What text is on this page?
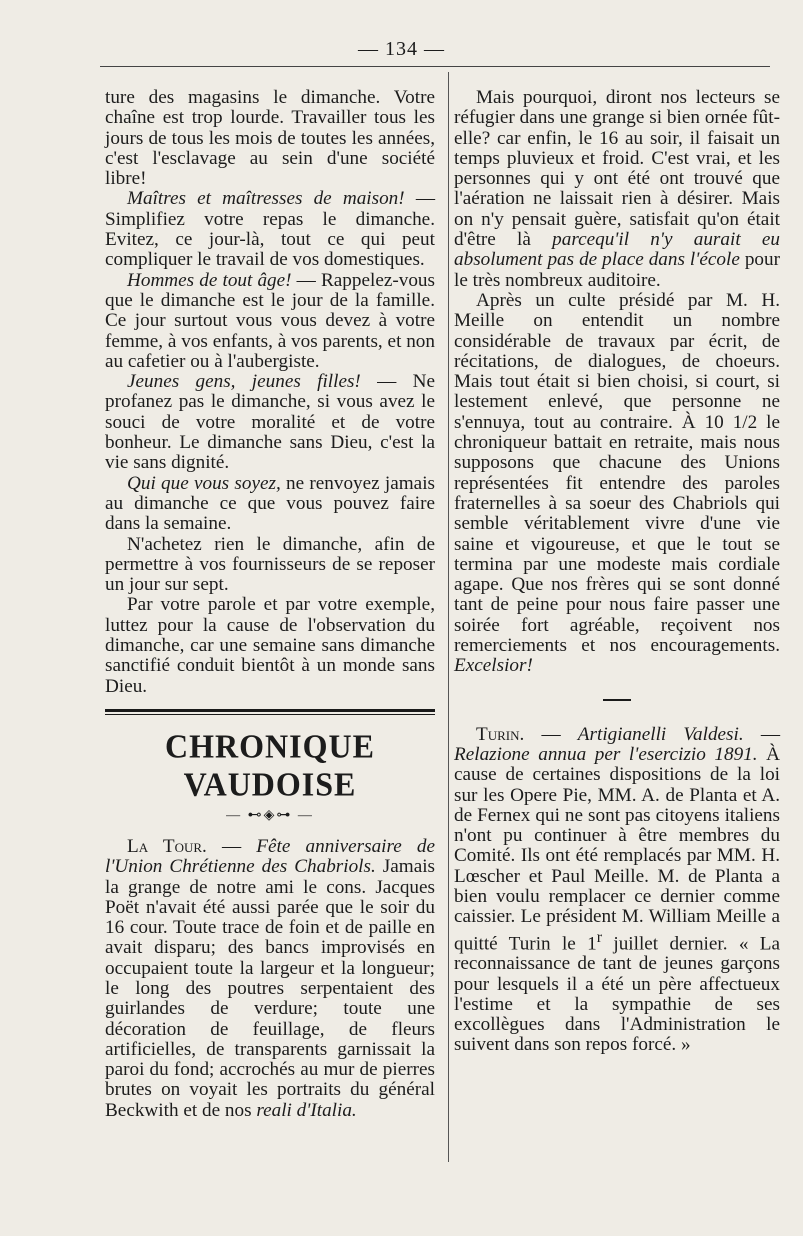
— 134 —

ture des magasins le dimanche. Votre chaîne est trop lourde. Travailler tous les jours de tous les mois de toutes les années, c'est l'esclavage au sein d'une société libre!

Maîtres et maîtresses de maison! — Simplifiez votre repas le dimanche. Evitez, ce jour-là, tout ce qui peut compliquer le travail de vos domestiques.

Hommes de tout âge! — Rappelez-vous que le dimanche est le jour de la famille. Ce jour surtout vous vous devez à votre femme, à vos enfants, à vos parents, et non au cafetier ou à l'aubergiste.

Jeunes gens, jeunes filles! — Ne profanez pas le dimanche, si vous avez le souci de votre moralité et de votre bonheur. Le dimanche sans Dieu, c'est la vie sans dignité.

Qui que vous soyez, ne renvoyez jamais au dimanche ce que vous pouvez faire dans la semaine.

N'achetez rien le dimanche, afin de permettre à vos fournisseurs de se reposer un jour sur sept.

Par votre parole et par votre exemple, luttez pour la cause de l'observation du dimanche, car une semaine sans dimanche sanctifié conduit bientôt à un monde sans Dieu.

CHRONIQUE VAUDOISE
— ⊷◈⊶ —

La Tour. — Fête anniversaire de l'Union Chrétienne des Chabriols. Jamais la grange de notre ami le cons. Jacques Poët n'avait été aussi parée que le soir du 16 cour. Toute trace de foin et de paille en avait disparu; des bancs improvisés en occupaient toute la largeur et la longueur; le long des poutres serpentaient des guirlandes de verdure; toute une décoration de feuillage, de fleurs artificielles, de transparents garnissait la paroi du fond; accrochés au mur de pierres brutes on voyait les portraits du général Beckwith et de nos reali d'Italia.

Mais pourquoi, diront nos lecteurs se réfugier dans une grange si bien ornée fût-elle? car enfin, le 16 au soir, il faisait un temps pluvieux et froid. C'est vrai, et les personnes qui y ont été ont trouvé que l'aération ne laissait rien à désirer. Mais on n'y pensait guère, satisfait qu'on était d'être là parcequ'il n'y aurait eu absolument pas de place dans l'école pour le très nombreux auditoire.

Après un culte présidé par M. H. Meille on entendit un nombre considérable de travaux par écrit, de récitations, de dialogues, de choeurs. Mais tout était si bien choisi, si court, si lestement enlevé, que personne ne s'ennuya, tout au contraire. À 10 1/2 le chroniqueur battait en retraite, mais nous supposons que chacune des Unions représentées fit entendre des paroles fraternelles à sa soeur des Chabriols qui semble véritablement vivre d'une vie saine et vigoureuse, et que le tout se termina par une modeste mais cordiale agape. Que nos frères qui se sont donné tant de peine pour nous faire passer une soirée fort agréable, reçoivent nos remerciements et nos encouragements. Excelsior!

Turin. — Artigianelli Valdesi. — Relazione annua per l'esercizio 1891. À cause de certaines dispositions de la loi sur les Opere Pie, MM. A. de Planta et A. de Fernex qui ne sont pas citoyens italiens n'ont pu continuer à être membres du Comité. Ils ont été remplacés par MM. H. Lœscher et Paul Meille. M. de Planta a bien voulu remplacer ce dernier comme caissier. Le président M. William Meille a quitté Turin le 1$^r$ juillet dernier. « La reconnaissance de tant de jeunes garçons pour lesquels il a été un père affectueux l'estime et la sympathie de ses excollègues dans l'Administration le suivent dans son repos forcé. »
